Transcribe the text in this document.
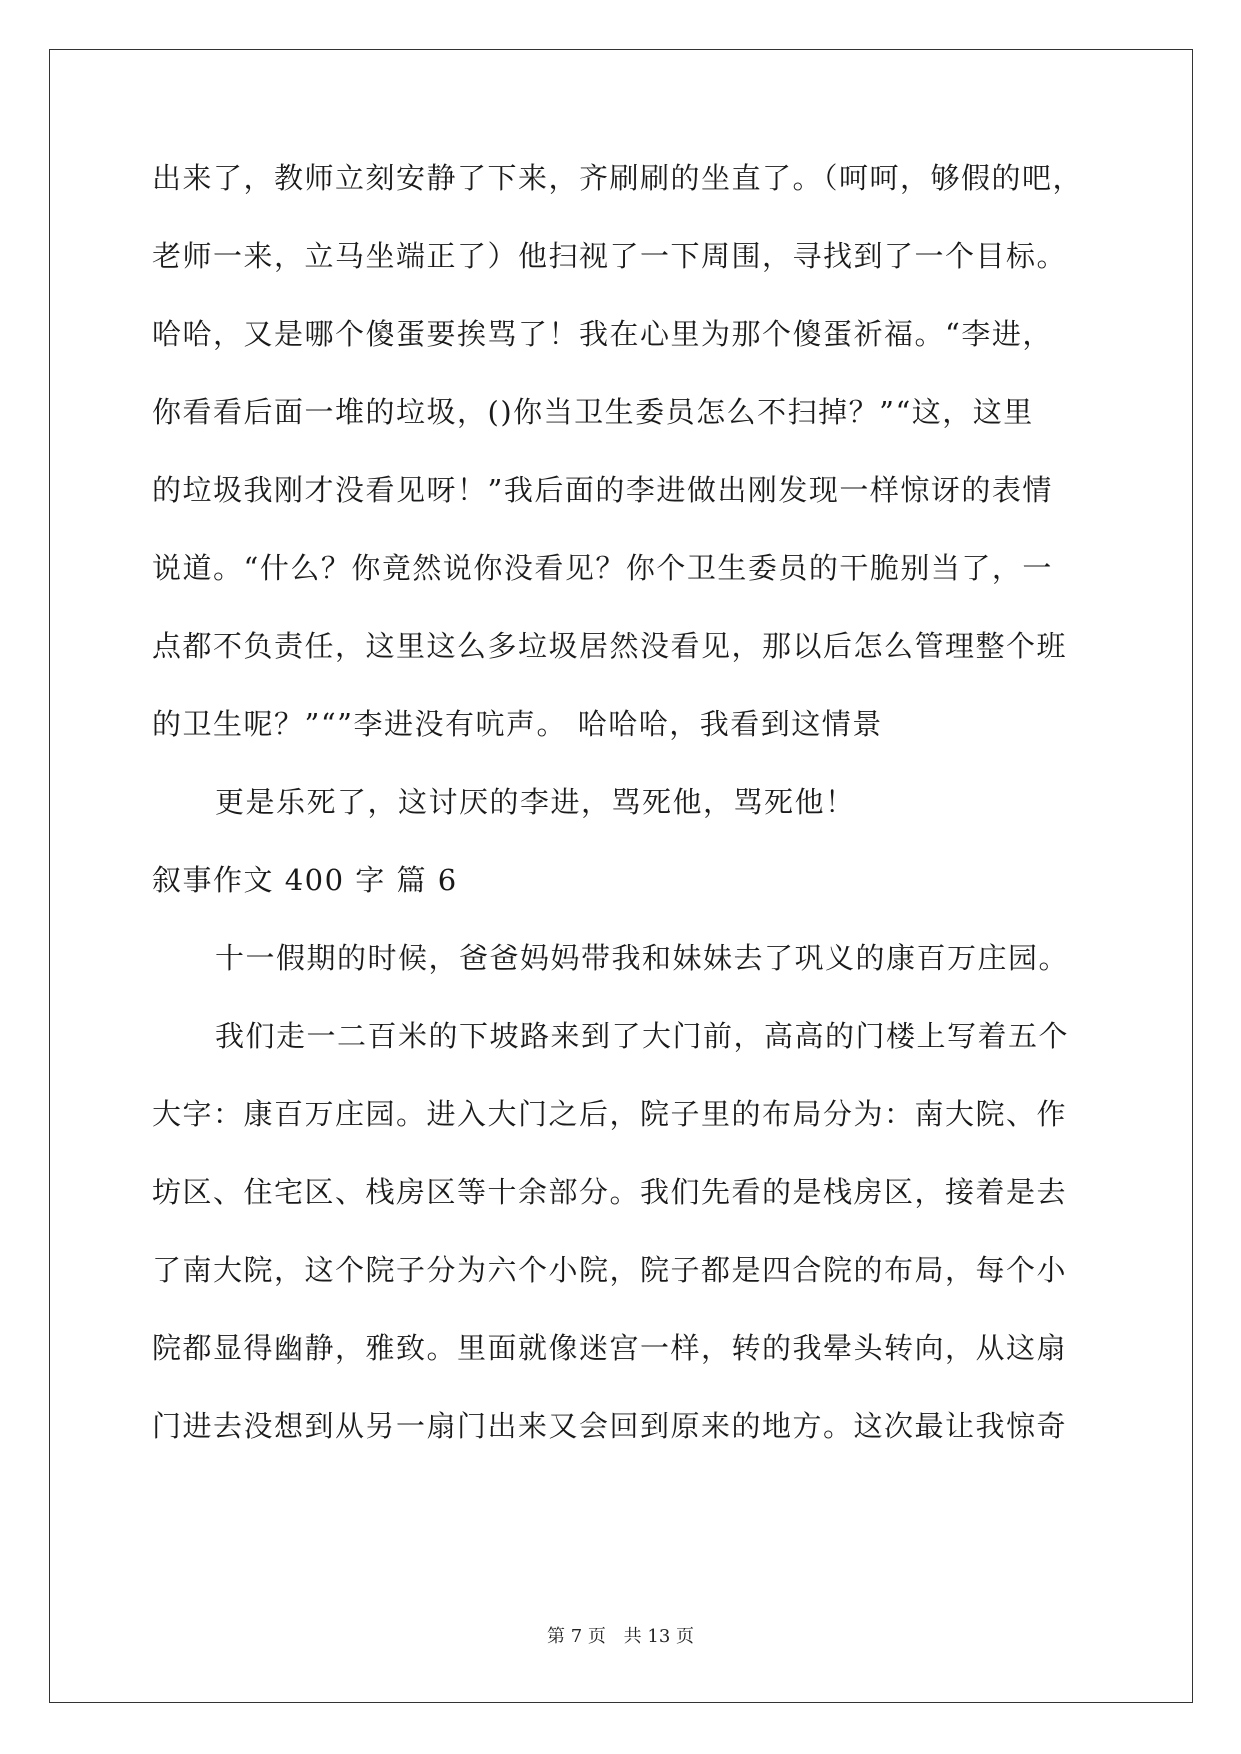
出来了，教师立刻安静了下来，齐刷刷的坐直了。（呵呵，够假的吧，
老师一来，立马坐端正了）他扫视了一下周围，寻找到了一个目标。
哈哈，又是哪个傻蛋要挨骂了！我在心里为那个傻蛋祈福。“李进，
你看看后面一堆的垃圾，()你当卫生委员怎么不扫掉？”“这，这里
的垃圾我刚才没看见呀！”我后面的李进做出刚发现一样惊讶的表情
说道。“什么？你竟然说你没看见？你个卫生委员的干脆别当了，一
点都不负责任，这里这么多垃圾居然没看见，那以后怎么管理整个班
的卫生呢？”“”李进没有吭声。 哈哈哈，我看到这情景
更是乐死了，这讨厌的李进，骂死他，骂死他！
叙事作文 400 字 篇 6
十一假期的时候，爸爸妈妈带我和妹妹去了巩义的康百万庄园。
我们走一二百米的下坡路来到了大门前，高高的门楼上写着五个
大字：康百万庄园。进入大门之后，院子里的布局分为：南大院、作
坊区、住宅区、栈房区等十余部分。我们先看的是栈房区，接着是去
了南大院，这个院子分为六个小院，院子都是四合院的布局，每个小
院都显得幽静，雅致。里面就像迷宫一样，转的我晕头转向，从这扇
门进去没想到从另一扇门出来又会回到原来的地方。这次最让我惊奇
第 7 页 共 13 页
